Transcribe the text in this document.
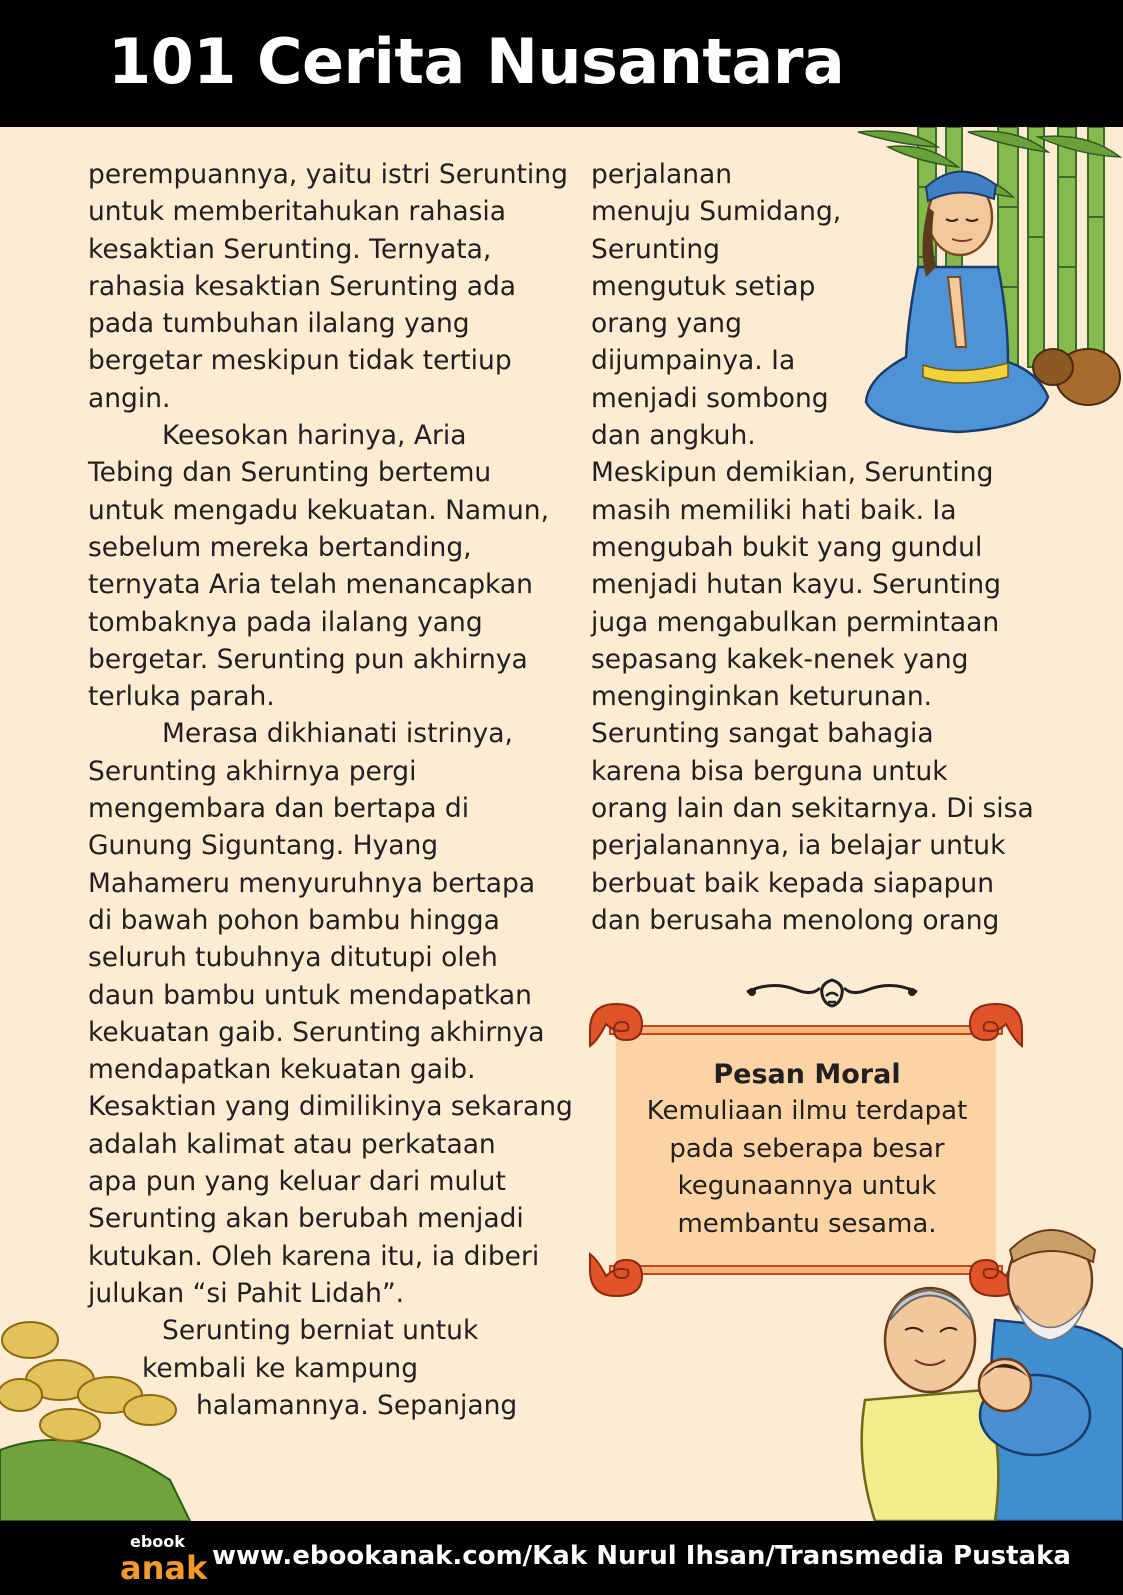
101 Cerita Nusantara
perempuannya, yaitu istri Serunting
untuk memberitahukan rahasia
kesaktian Serunting. Ternyata,
rahasia kesaktian Serunting ada
pada tumbuhan ilalang yang
bergetar meskipun tidak tertiup
angin.
Keesokan harinya, Aria
Tebing dan Serunting bertemu
untuk mengadu kekuatan. Namun,
sebelum mereka bertanding,
ternyata Aria telah menancapkan
tombaknya pada ilalang yang
bergetar. Serunting pun akhirnya
terluka parah.
Merasa dikhianati istrinya,
Serunting akhirnya pergi
mengembara dan bertapa di
Gunung Siguntang. Hyang
Mahameru menyuruhnya bertapa
di bawah pohon bambu hingga
seluruh tubuhnya ditutupi oleh
daun bambu untuk mendapatkan
kekuatan gaib. Serunting akhirnya
mendapatkan kekuatan gaib.
Kesaktian yang dimilikinya sekarang
adalah kalimat atau perkataan
apa pun yang keluar dari mulut
Serunting akan berubah menjadi
kutukan. Oleh karena itu, ia diberi
julukan “si Pahit Lidah”.
Serunting berniat untuk
kembali ke kampung
halamannya. Sepanjang
perjalanan
menuju Sumidang,
Serunting
mengutuk setiap
orang yang
dijumpainya. Ia
menjadi sombong
dan angkuh.
Meskipun demikian, Serunting
masih memiliki hati baik. Ia
mengubah bukit yang gundul
menjadi hutan kayu. Serunting
juga mengabulkan permintaan
sepasang kakek-nenek yang
menginginkan keturunan.
Serunting sangat bahagia
karena bisa berguna untuk
orang lain dan sekitarnya. Di sisa
perjalanannya, ia belajar untuk
berbuat baik kepada siapapun
dan berusaha menolong orang
Pesan Moral
Kemuliaan ilmu terdapat
pada seberapa besar
kegunaannya untuk
membantu sesama.
ebook
anak www.ebookanak.com/Kak Nurul Ihsan/Transmedia Pustaka
